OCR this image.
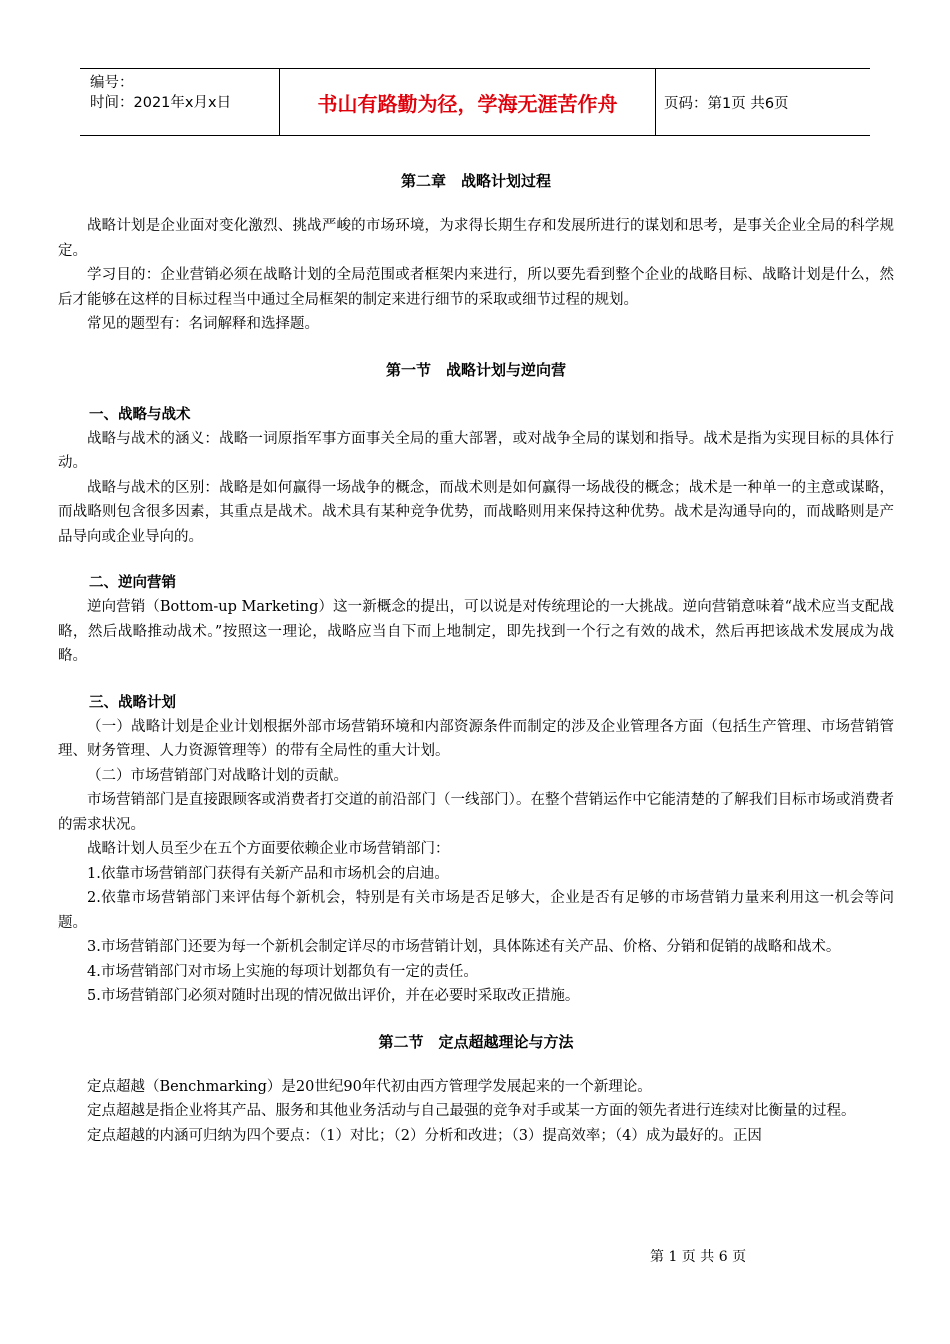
编号：
时间：2021年x月x日	书山有路勤为径，学海无涯苦作舟	页码：第1页 共6页
第二章　战略计划过程

战略计划是企业面对变化激烈、挑战严峻的市场环境，为求得长期生存和发展所进行的谋划和思考，是事关企业全局的科学规定。

学习目的：企业营销必须在战略计划的全局范围或者框架内来进行，所以要先看到整个企业的战略目标、战略计划是什么，然后才能够在这样的目标过程当中通过全局框架的制定来进行细节的采取或细节过程的规划。

常见的题型有：名词解释和选择题。

第一节　战略计划与逆向营
一、战略与战术

战略与战术的涵义：战略一词原指军事方面事关全局的重大部署，或对战争全局的谋划和指导。战术是指为实现目标的具体行动。

战略与战术的区别：战略是如何赢得一场战争的概念，而战术则是如何赢得一场战役的概念；战术是一种单一的主意或谋略，而战略则包含很多因素，其重点是战术。战术具有某种竞争优势，而战略则用来保持这种优势。战术是沟通导向的，而战略则是产品导向或企业导向的。

二、逆向营销

逆向营销（Bottom-up Marketing）这一新概念的提出，可以说是对传统理论的一大挑战。逆向营销意味着“战术应当支配战略，然后战略推动战术。”按照这一理论，战略应当自下而上地制定，即先找到一个行之有效的战术，然后再把该战术发展成为战略。

三、战略计划

（一）战略计划是企业计划根据外部市场营销环境和内部资源条件而制定的涉及企业管理各方面（包括生产管理、市场营销管理、财务管理、人力资源管理等）的带有全局性的重大计划。

（二）市场营销部门对战略计划的贡献。

市场营销部门是直接跟顾客或消费者打交道的前沿部门（一线部门）。在整个营销运作中它能清楚的了解我们目标市场或消费者的需求状况。

战略计划人员至少在五个方面要依赖企业市场营销部门：

1.依靠市场营销部门获得有关新产品和市场机会的启迪。

2.依靠市场营销部门来评估每个新机会，特别是有关市场是否足够大，企业是否有足够的市场营销力量来利用这一机会等问题。

3.市场营销部门还要为每一个新机会制定详尽的市场营销计划，具体陈述有关产品、价格、分销和促销的战略和战术。

4.市场营销部门对市场上实施的每项计划都负有一定的责任。

5.市场营销部门必须对随时出现的情况做出评价，并在必要时采取改正措施。

第二节　定点超越理论与方法

定点超越（Benchmarking）是20世纪90年代初由西方管理学发展起来的一个新理论。

定点超越是指企业将其产品、服务和其他业务活动与自己最强的竞争对手或某一方面的领先者进行连续对比衡量的过程。

定点超越的内涵可归纳为四个要点：（1）对比；（2）分析和改进；（3）提高效率；（4）成为最好的。正因

第 1 页 共 6 页
